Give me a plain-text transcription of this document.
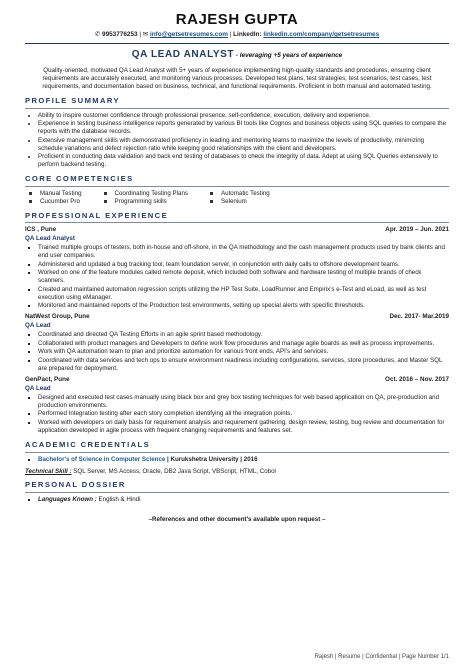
RAJESH GUPTA
✆ 9953776253 | ✉ info@getsetresumes.com | LinkedIn: linkedin.com/company/getsetresumes
QA LEAD ANALYST - leveraging +5 years of experience
Quality-oriented, motivated QA Lead Analyst with 5+ years of experience implementing high-quality standards and procedures, ensuring client requirements are accurately executed, and monitoring various processes. Developed test plans, test strategies, test scenarios, test cases, test requirements, and documentation based on business, technical, and functional requirements. Proficient in both manual and automated testing.
PROFILE SUMMARY
• Ability to inspire customer confidence through professional presence, self-confidence, execution, delivery and experience.
• Experience in testing business intelligence reports generated by various BI tools like Cognos and business objects using SQL queries to compare the reports with the database records.
• Extensive management skills with demonstrated proficiency in leading and mentoring teams to maximize the levels of productivity, minimizing schedule variations and defect rejection ratio while keeping good relationships with the client and developers.
• Proficient in conducting data validation and back end testing of databases to check the integrity of data. Adept at using SQL Queries extensively to perform backend testing.
CORE COMPETENCIES
Manual Testing	Coordinating Testing Plans	Automatic Testing
Cucumber Pro	Programming skills	Selenium
PROFESSIONAL EXPERIENCE
ICS , Pune	Apr. 2019 – Jun. 2021
QA Lead Analyst
▪ Trained multiple groups of testers, both in-house and off-shore, in the QA methodology and the cash management products used by bank clients and end user companies.
▪ Administered and updated a bug tracking tool, team foundation server, in conjunction with daily calls to offshore development teams.
▪ Worked on one of the feature modules called remote deposit, which included both software and hardware testing of multiple brands of check scanners.
▪ Created and maintained automation regression scripts utilizing the HP Test Suite, LoadRunner and Empirix’s e-Test and eLoad, as well as test execution using eManager.
▪ Monitored and maintained reports of the Production test environments, setting up special alerts with specific thresholds.
NatWest Group, Pune	Dec. 2017- Mar.2019
QA Lead
▪ Coordinated and directed QA Testing Efforts in an agile sprint based methodology.
▪ Collaborated with product managers and Developers to define work flow procedures and manage agile boards as well as process improvements.
▪ Work with QA automation team to plan and prioritize automation for various front ends, API's and services.
▪ Coordinated with data services and tech ops to ensure environment readiness including configurations, services, store procedures, and Master SQL are prepared for deployment.
GenPact, Pune	Oct. 2016 – Nov. 2017
QA Lead
▪ Designed and executed test cases manually using black box and grey box testing techniques for web based application on QA, pre-production and production environments.
▪ Performed Integration testing after each story completion identifying all the integration points.
▪ Worked with developers on daily basis for requirement analysis and requirement gathering, design review, testing, bug review and documentation for application developed in agile process with frequent changing requirements and features set.
ACADEMIC CREDENTIALS
▪ Bachelor's of Science in Computer Science | Kurukshetra University | 2016
Technical Skill : SQL Server, MS Access, Oracle, DB2 Java Script, VBScript, HTML, Cobol
PERSONAL DOSSIER
▪ Languages Known : English & Hindi
–References and other document's available upon request –
Rajesh | Resume | Confidential | Page Number 1/1
